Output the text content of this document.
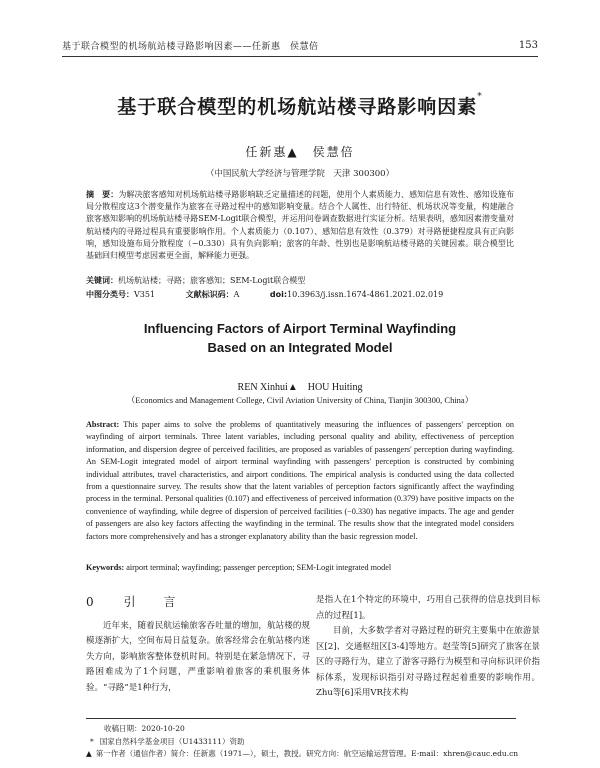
基于联合模型的机场航站楼寻路影响因素——任新惠　侯慧倍	153
基于联合模型的机场航站楼寻路影响因素*
任新惠▲　侯慧倍
（中国民航大学经济与管理学院　天津 300300）
摘　要：为解决旅客感知对机场航站楼寻路影响缺乏定量描述的问题，使用个人素质能力、感知信息有效性、感知设施布局分散程度这3个潜变量作为旅客在寻路过程中的感知影响变量。结合个人属性、出行特征、机场状况等变量，构建融合旅客感知影响的机场航站楼寻路SEM-Logit联合模型，并运用问卷调查数据进行实证分析。结果表明，感知因素潜变量对航站楼内的寻路过程具有重要影响作用。个人素质能力（0.107）、感知信息有效性（0.379）对寻路便捷程度具有正向影响，感知设施布局分散程度（−0.330）具有负向影响；旅客的年龄、性别也是影响航站楼寻路的关键因素。联合模型比基础回归模型考虑因素更全面，解释能力更强。
关键词：机场航站楼；寻路；旅客感知；SEM-Logit联合模型
中图分类号：V351	文献标识码：A	doi:10.3963/j.issn.1674-4861.2021.02.019
Influencing Factors of Airport Terminal Wayfinding
Based on an Integrated Model
REN Xinhui▲　HOU Huiting
（Economics and Management College, Civil Aviation University of China, Tianjin 300300, China）
Abstract: This paper aims to solve the problems of quantitatively measuring the influences of passengers' perception on wayfinding of airport terminals. Three latent variables, including personal quality and ability, effectiveness of perception information, and dispersion degree of perceived facilities, are proposed as variables of passengers' perception during wayfinding. An SEM-Logit integrated model of airport terminal wayfinding with passengers' perception is constructed by combining individual attributes, travel characteristics, and airport conditions. The empirical analysis is conducted using the data collected from a questionnaire survey. The results show that the latent variables of perception factors significantly affect the wayfinding process in the terminal. Personal qualities (0.107) and effectiveness of perceived information (0.379) have positive impacts on the convenience of wayfinding, while degree of dispersion of perceived facilities (−0.330) has negative impacts. The age and gender of passengers are also key factors affecting the wayfinding in the terminal. The results show that the integrated model considers factors more comprehensively and has a stronger explanatory ability than the basic regression model.
Keywords: airport terminal; wayfinding; passenger perception; SEM-Logit integrated model
0 引　言

近年来，随着民航运输旅客吞吐量的增加，航站楼的规模逐渐扩大，空间布局日益复杂。旅客经常会在航站楼内迷失方向，影响旅客整体登机时间。特别是在紧急情况下，寻路困难成为了1个问题，严重影响着旅客的乘机服务体验。“寻路”是1种行为，

是指人在1个特定的环境中，巧用自己获得的信息找到目标点的过程[1]。

目前，大多数学者对寻路过程的研究主要集中在旅游景区[2]、交通枢纽区[3-4]等地方。赵莹等[5]研究了旅客在景区的寻路行为，建立了游客寻路行为模型和寻向标识评价指标体系，发现标识指引对寻路过程起着重要的影响作用。Zhu等[6]采用VR技术构

收稿日期：2020-10-20
* 国家自然科学基金项目（U1433111）资助
▲ 第一作者（通信作者）简介：任新惠（1971—），硕士，教授。研究方向：航空运输运营管理。E-mail：xhren@cauc.edu.cn
